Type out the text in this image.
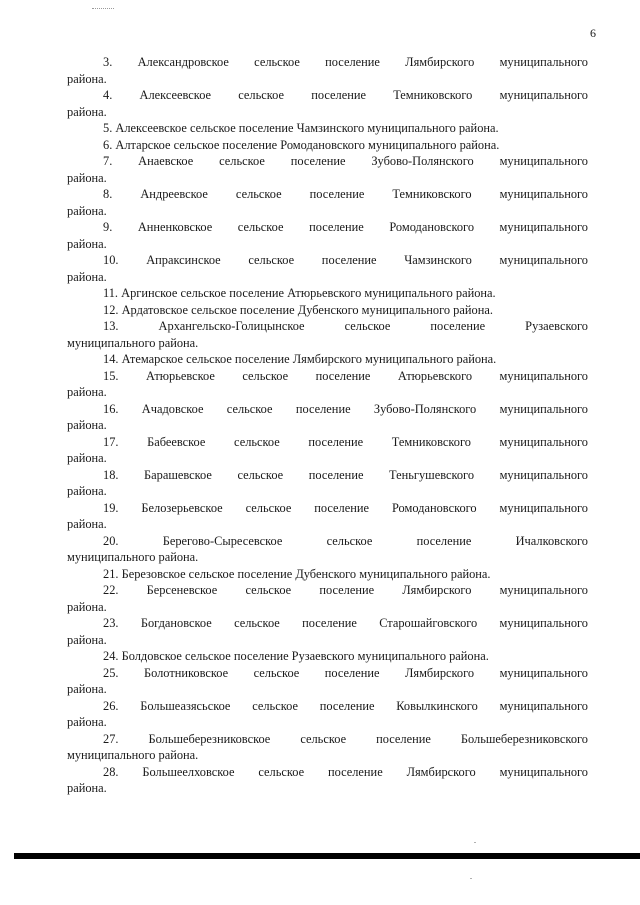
6
3. Александровское сельское поселение Лямбирского муниципального
района.
4. Алексеевское сельское поселение Темниковского муниципального
района.
5. Алексеевское сельское поселение Чамзинского муниципального района.
6. Алтарское сельское поселение Ромодановского муниципального района.
7. Анаевское сельское поселение Зубово-Полянского муниципального
района.
8. Андреевское сельское поселение Темниковского муниципального
района.
9. Анненковское сельское поселение Ромодановского муниципального
района.
10. Апраксинское сельское поселение Чамзинского муниципального
района.
11. Аргинское сельское поселение Атюрьевского муниципального района.
12. Ардатовское сельское поселение Дубенского муниципального района.
13. Архангельско-Голицынское сельское поселение Рузаевского
муниципального района.
14. Атемарское сельское поселение Лямбирского муниципального района.
15. Атюрьевское сельское поселение Атюрьевского муниципального
района.
16. Ачадовское сельское поселение Зубово-Полянского муниципального
района.
17. Бабеевское сельское поселение Темниковского муниципального
района.
18. Барашевское сельское поселение Теньгушевского муниципального
района.
19. Белозерьевское сельское поселение Ромодановского муниципального
района.
20. Берегово-Сыресевское сельское поселение Ичалковского
муниципального района.
21. Березовское сельское поселение Дубенского муниципального района.
22. Берсеневское сельское поселение Лямбирского муниципального
района.
23. Богдановское сельское поселение Старошайговского муниципального
района.
24. Болдовское сельское поселение Рузаевского муниципального района.
25. Болотниковское сельское поселение Лямбирского муниципального
района.
26. Большеазясьское сельское поселение Ковылкинского муниципального
района.
27. Большеберезниковское сельское поселение Большеберезниковского
муниципального района.
28. Большеелховское сельское поселение Лямбирского муниципального
района.
